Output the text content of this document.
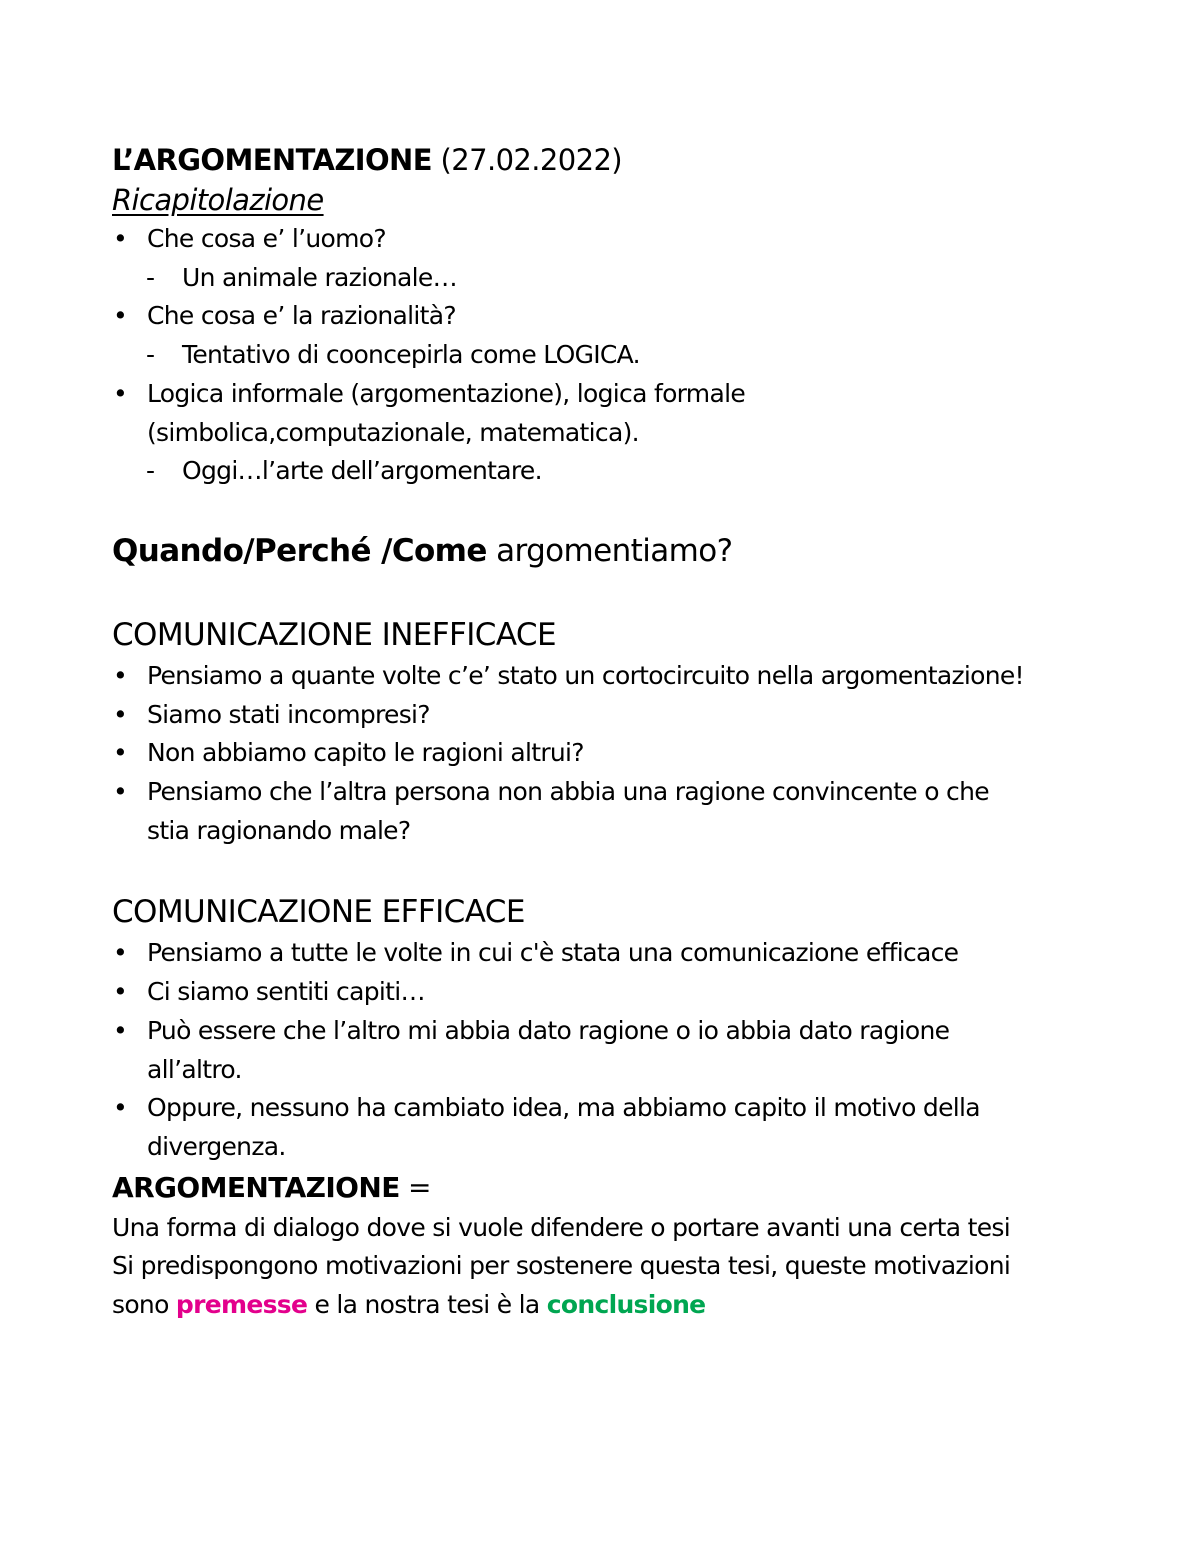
L’ARGOMENTAZIONE (27.02.2022)
Ricapitolazione
• Che cosa e’ l’uomo?
-	Un animale razionale…
• Che cosa e’ la razionalità?
-	Tentativo di cooncepirla come LOGICA.
• Logica informale (argomentazione), logica formale
(simbolica,computazionale, matematica).
-	Oggi…l’arte dell’argomentare.
Quando/Perché /Come argomentiamo?
COMUNICAZIONE INEFFICACE
• Pensiamo a quante volte c’e’ stato un cortocircuito nella argomentazione!
• Siamo stati incompresi?
• Non abbiamo capito le ragioni altrui?
• Pensiamo che l’altra persona non abbia una ragione convincente o che
stia ragionando male?
COMUNICAZIONE EFFICACE
• Pensiamo a tutte le volte in cui c'è stata una comunicazione efficace
• Ci siamo sentiti capiti…
• Può essere che l’altro mi abbia dato ragione o io abbia dato ragione
all’altro.
• Oppure, nessuno ha cambiato idea, ma abbiamo capito il motivo della
divergenza.
ARGOMENTAZIONE =
Una forma di dialogo dove si vuole difendere o portare avanti una certa tesi
Si predispongono motivazioni per sostenere questa tesi, queste motivazioni
sono premesse e la nostra tesi è la conclusione
